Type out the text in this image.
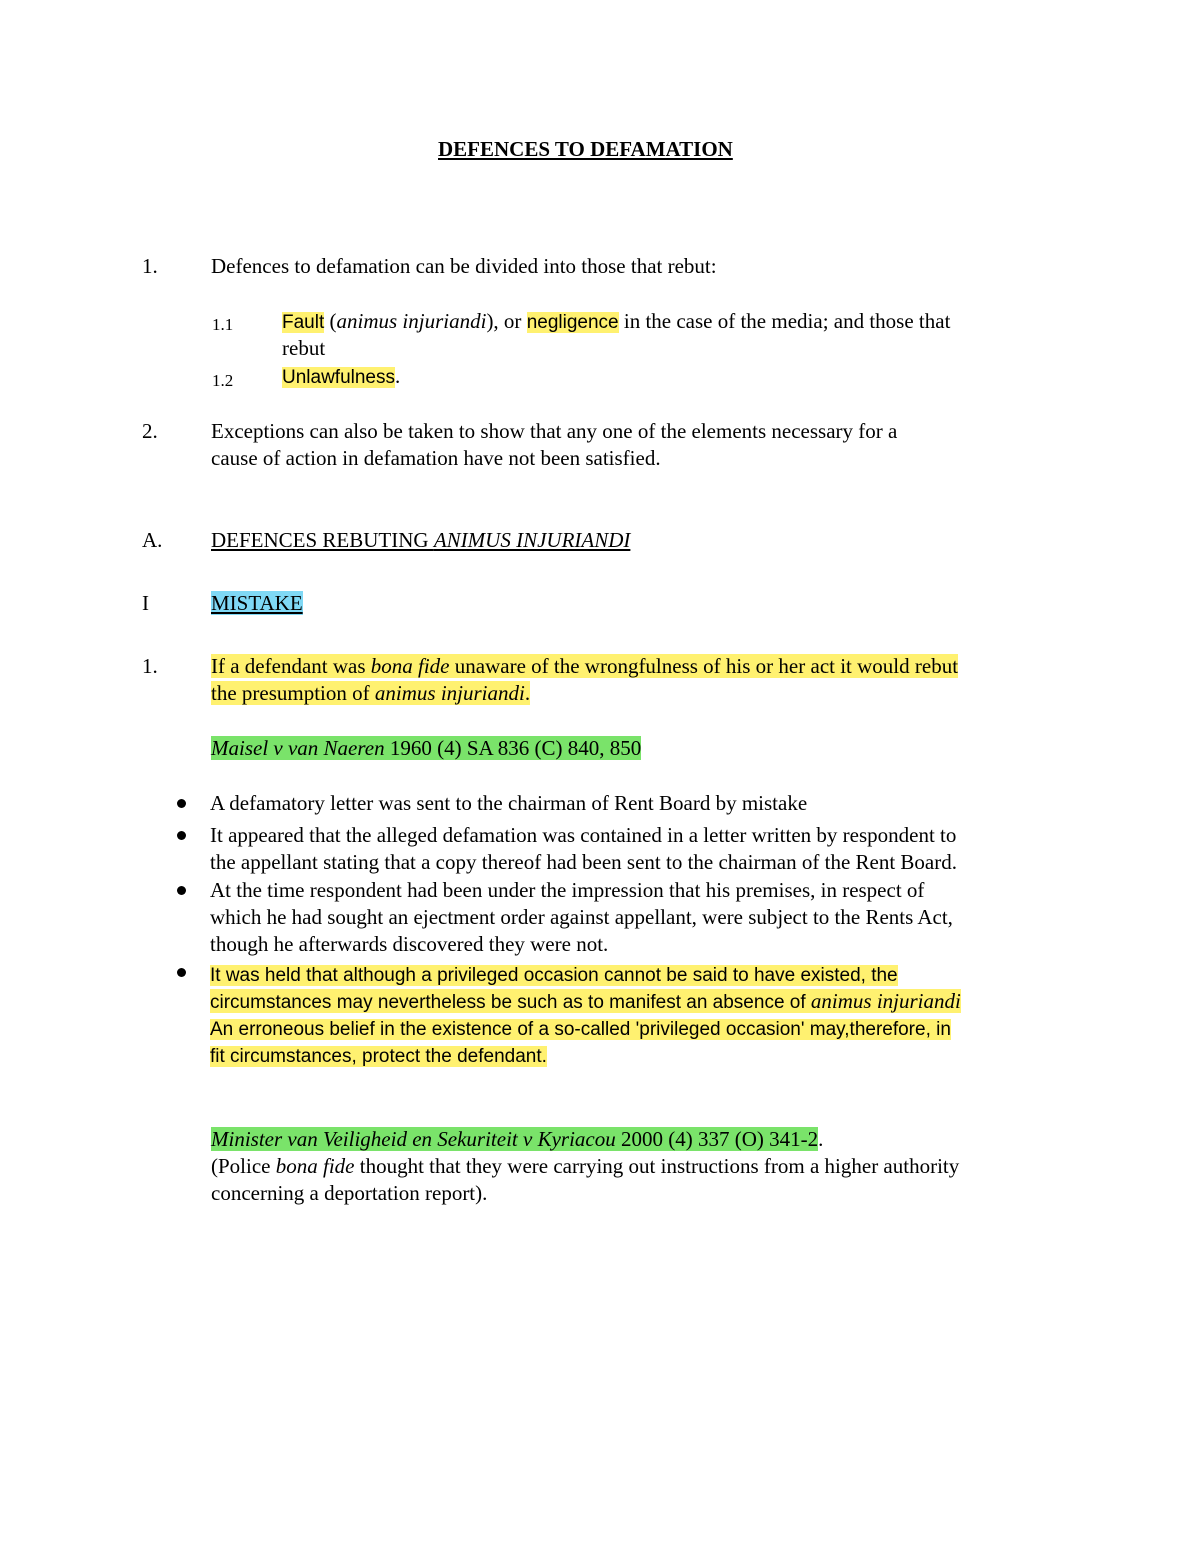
DEFENCES TO DEFAMATION
1.	Defences to defamation can be divided into those that rebut:
1.1	Fault (animus injuriandi), or negligence in the case of the media; and those that
rebut
1.2	Unlawfulness.
2.	Exceptions can also be taken to show that any one of the elements necessary for a
cause of action in defamation have not been satisfied.
A. DEFENCES REBUTING ANIMUS INJURIANDI
I	MISTAKE
1.	If a defendant was bona fide unaware of the wrongfulness of his or her act it would rebut
the presumption of animus injuriandi.
Maisel v van Naeren 1960 (4) SA 836 (C) 840, 850
A defamatory letter was sent to the chairman of Rent Board by mistake
It appeared that the alleged defamation was contained in a letter written by respondent to
the appellant stating that a copy thereof had been sent to the chairman of the Rent Board.
At the time respondent had been under the impression that his premises, in respect of
which he had sought an ejectment order against appellant, were subject to the Rents Act,
though he afterwards discovered they were not.
It was held that although a privileged occasion cannot be said to have existed, the
circumstances may nevertheless be such as to manifest an absence of animus injuriandi
An erroneous belief in the existence of a so-called 'privileged occasion' may,therefore, in
fit circumstances, protect the defendant.
Minister van Veiligheid en Sekuriteit v Kyriacou 2000 (4) 337 (O) 341-2.
(Police bona fide thought that they were carrying out instructions from a higher authority
concerning a deportation report).
